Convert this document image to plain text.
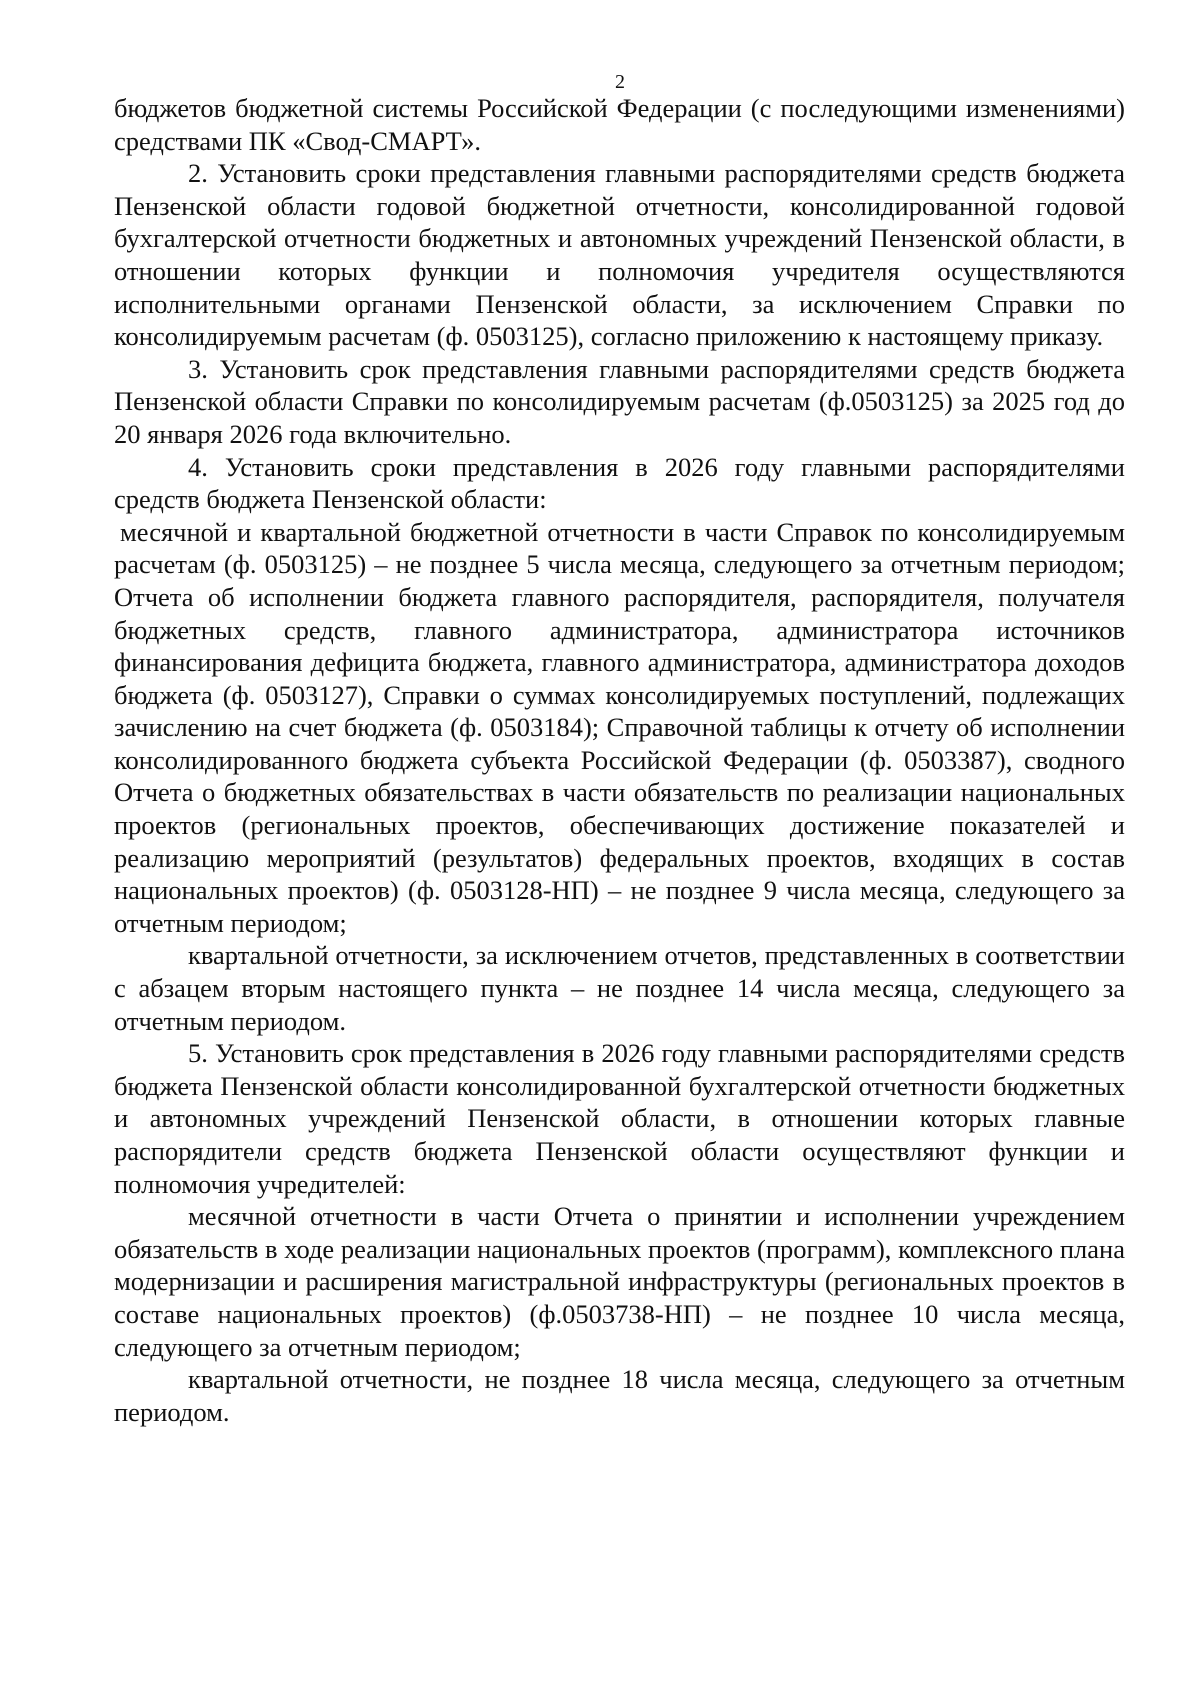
2

бюджетов бюджетной системы Российской Федерации (с последующими изменениями) средствами ПК «Свод-СМАРТ».

2. Установить сроки представления главными распорядителями средств бюджета Пензенской области годовой бюджетной отчетности, консолидированной годовой бухгалтерской отчетности бюджетных и автономных учреждений Пензенской области, в отношении которых функции и полномочия учредителя осуществляются исполнительными органами Пензенской области, за исключением Справки по консолидируемым расчетам (ф. 0503125), согласно приложению к настоящему приказу.

3. Установить срок представления главными распорядителями средств бюджета Пензенской области Справки по консолидируемым расчетам (ф.0503125) за 2025 год до 20 января 2026 года включительно.

4. Установить сроки представления в 2026 году главными распорядителями средств бюджета Пензенской области:

месячной и квартальной бюджетной отчетности в части Справок по консолидируемым расчетам (ф. 0503125) – не позднее 5 числа месяца, следующего за отчетным периодом; Отчета об исполнении бюджета главного распорядителя, распорядителя, получателя бюджетных средств, главного администратора, администратора источников финансирования дефицита бюджета, главного администратора, администратора доходов бюджета (ф. 0503127), Справки о суммах консолидируемых поступлений, подлежащих зачислению на счет бюджета (ф. 0503184); Справочной таблицы к отчету об исполнении консолидированного бюджета субъекта Российской Федерации (ф. 0503387), сводного Отчета о бюджетных обязательствах в части обязательств по реализации национальных проектов (региональных проектов, обеспечивающих достижение показателей и реализацию мероприятий (результатов) федеральных проектов, входящих в состав национальных проектов) (ф. 0503128-НП) – не позднее 9 числа месяца, следующего за отчетным периодом;

квартальной отчетности, за исключением отчетов, представленных в соответствии с абзацем вторым настоящего пункта – не позднее 14 числа месяца, следующего за отчетным периодом.

5. Установить срок представления в 2026 году главными распорядителями средств бюджета Пензенской области консолидированной бухгалтерской отчетности бюджетных и автономных учреждений Пензенской области, в отношении которых главные распорядители средств бюджета Пензенской области осуществляют функции и полномочия учредителей:

месячной отчетности в части Отчета о принятии и исполнении учреждением обязательств в ходе реализации национальных проектов (программ), комплексного плана модернизации и расширения магистральной инфраструктуры (региональных проектов в составе национальных проектов) (ф.0503738-НП) – не позднее 10 числа месяца, следующего за отчетным периодом;

квартальной отчетности, не позднее 18 числа месяца, следующего за отчетным периодом.
